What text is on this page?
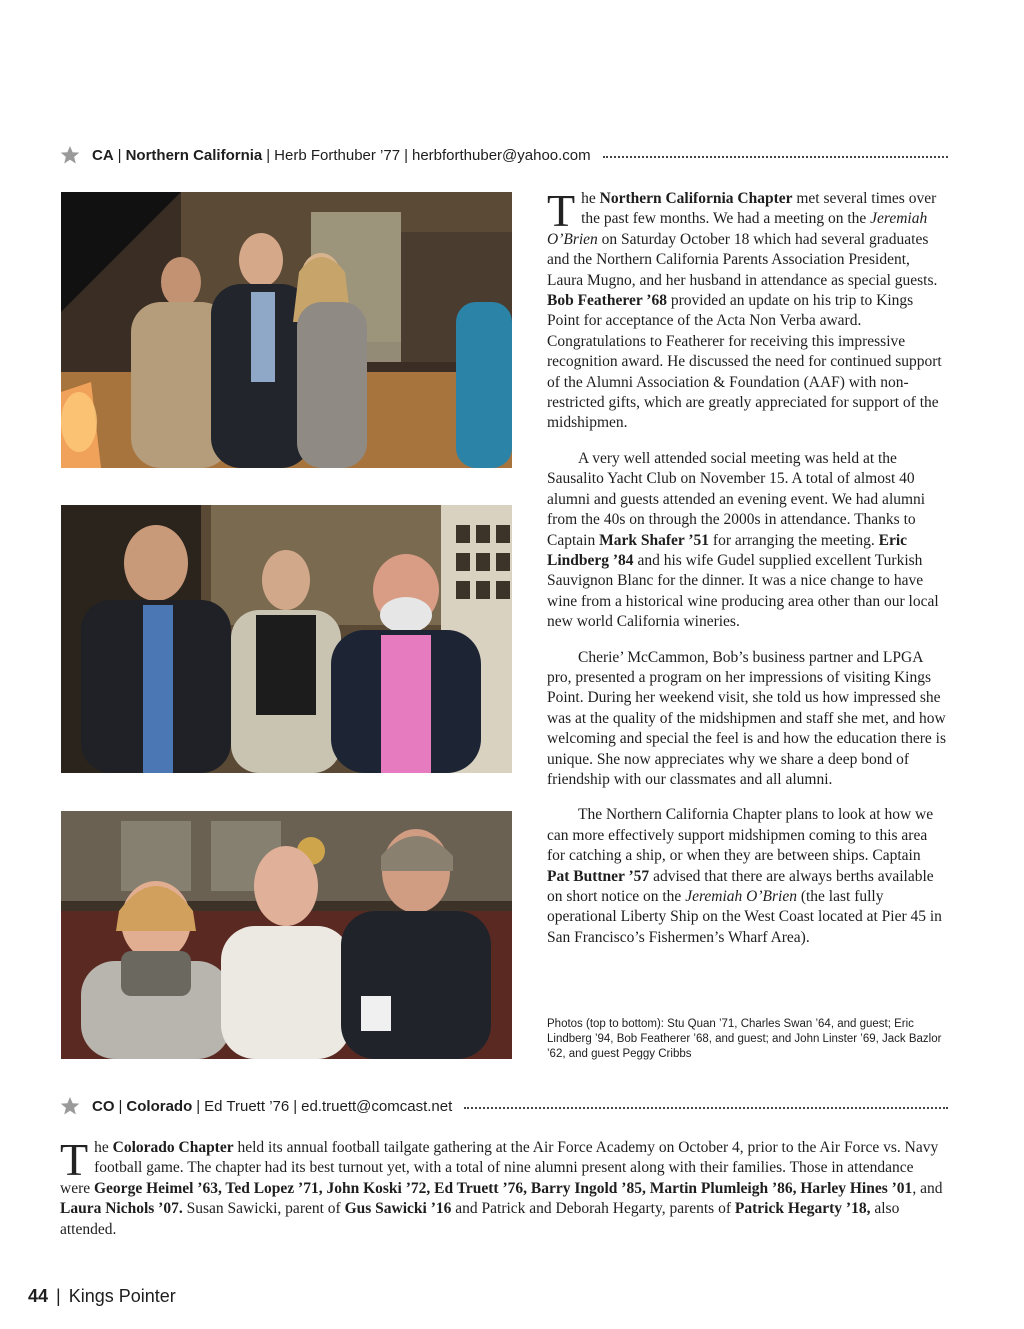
CA | Northern California | Herb Forthuber ’77 | herbforthuber@yahoo.com

The Northern California Chapter met several times over the past few months. We had a meeting on the Jeremiah O’Brien on Saturday October 18 which had several graduates and the Northern California Parents Association President, Laura Mugno, and her husband in attendance as special guests. Bob Featherer ’68 provided an update on his trip to Kings Point for acceptance of the Acta Non Verba award. Congratulations to Featherer for receiving this impressive recognition award. He discussed the need for continued support of the Alumni Association & Foundation (AAF) with non-restricted gifts, which are greatly appreciated for support of the midshipmen.

A very well attended social meeting was held at the Sausalito Yacht Club on November 15. A total of almost 40 alumni and guests attended an evening event. We had alumni from the 40s on through the 2000s in attendance. Thanks to Captain Mark Shafer ’51 for arranging the meeting. Eric Lindberg ’84 and his wife Gudel supplied excellent Turkish Sauvignon Blanc for the dinner. It was a nice change to have wine from a historical wine producing area other than our local new world California wineries.

Cherie’ McCammon, Bob’s business partner and LPGA pro, presented a program on her impressions of visiting Kings Point. During her weekend visit, she told us how impressed she was at the quality of the midshipmen and staff she met, and how welcoming and special the feel is and how the education there is unique. She now appreciates why we share a deep bond of friendship with our classmates and all alumni.

The Northern California Chapter plans to look at how we can more effectively support midshipmen coming to this area for catching a ship, or when they are between ships. Captain Pat Buttner ’57 advised that there are always berths available on short notice on the Jeremiah O’Brien (the last fully operational Liberty Ship on the West Coast located at Pier 45 in San Francisco’s Fishermen’s Wharf Area).

Photos (top to bottom): Stu Quan ’71, Charles Swan ’64, and guest; Eric Lindberg ’94, Bob Featherer ’68, and guest; and John Linster ’69, Jack Bazlor ’62, and guest Peggy Cribbs
CO | Colorado | Ed Truett ’76 | ed.truett@comcast.net

The Colorado Chapter held its annual football tailgate gathering at the Air Force Academy on October 4, prior to the Air Force vs. Navy football game. The chapter had its best turnout yet, with a total of nine alumni present along with their families. Those in attendance were George Heimel ’63, Ted Lopez ’71, John Koski ’72, Ed Truett ’76, Barry Ingold ’85, Martin Plumleigh ’86, Harley Hines ’01, and Laura Nichols ’07. Susan Sawicki, parent of Gus Sawicki ’16 and Patrick and Deborah Hegarty, parents of Patrick Hegarty ’18, also attended.

44 | Kings Pointer
